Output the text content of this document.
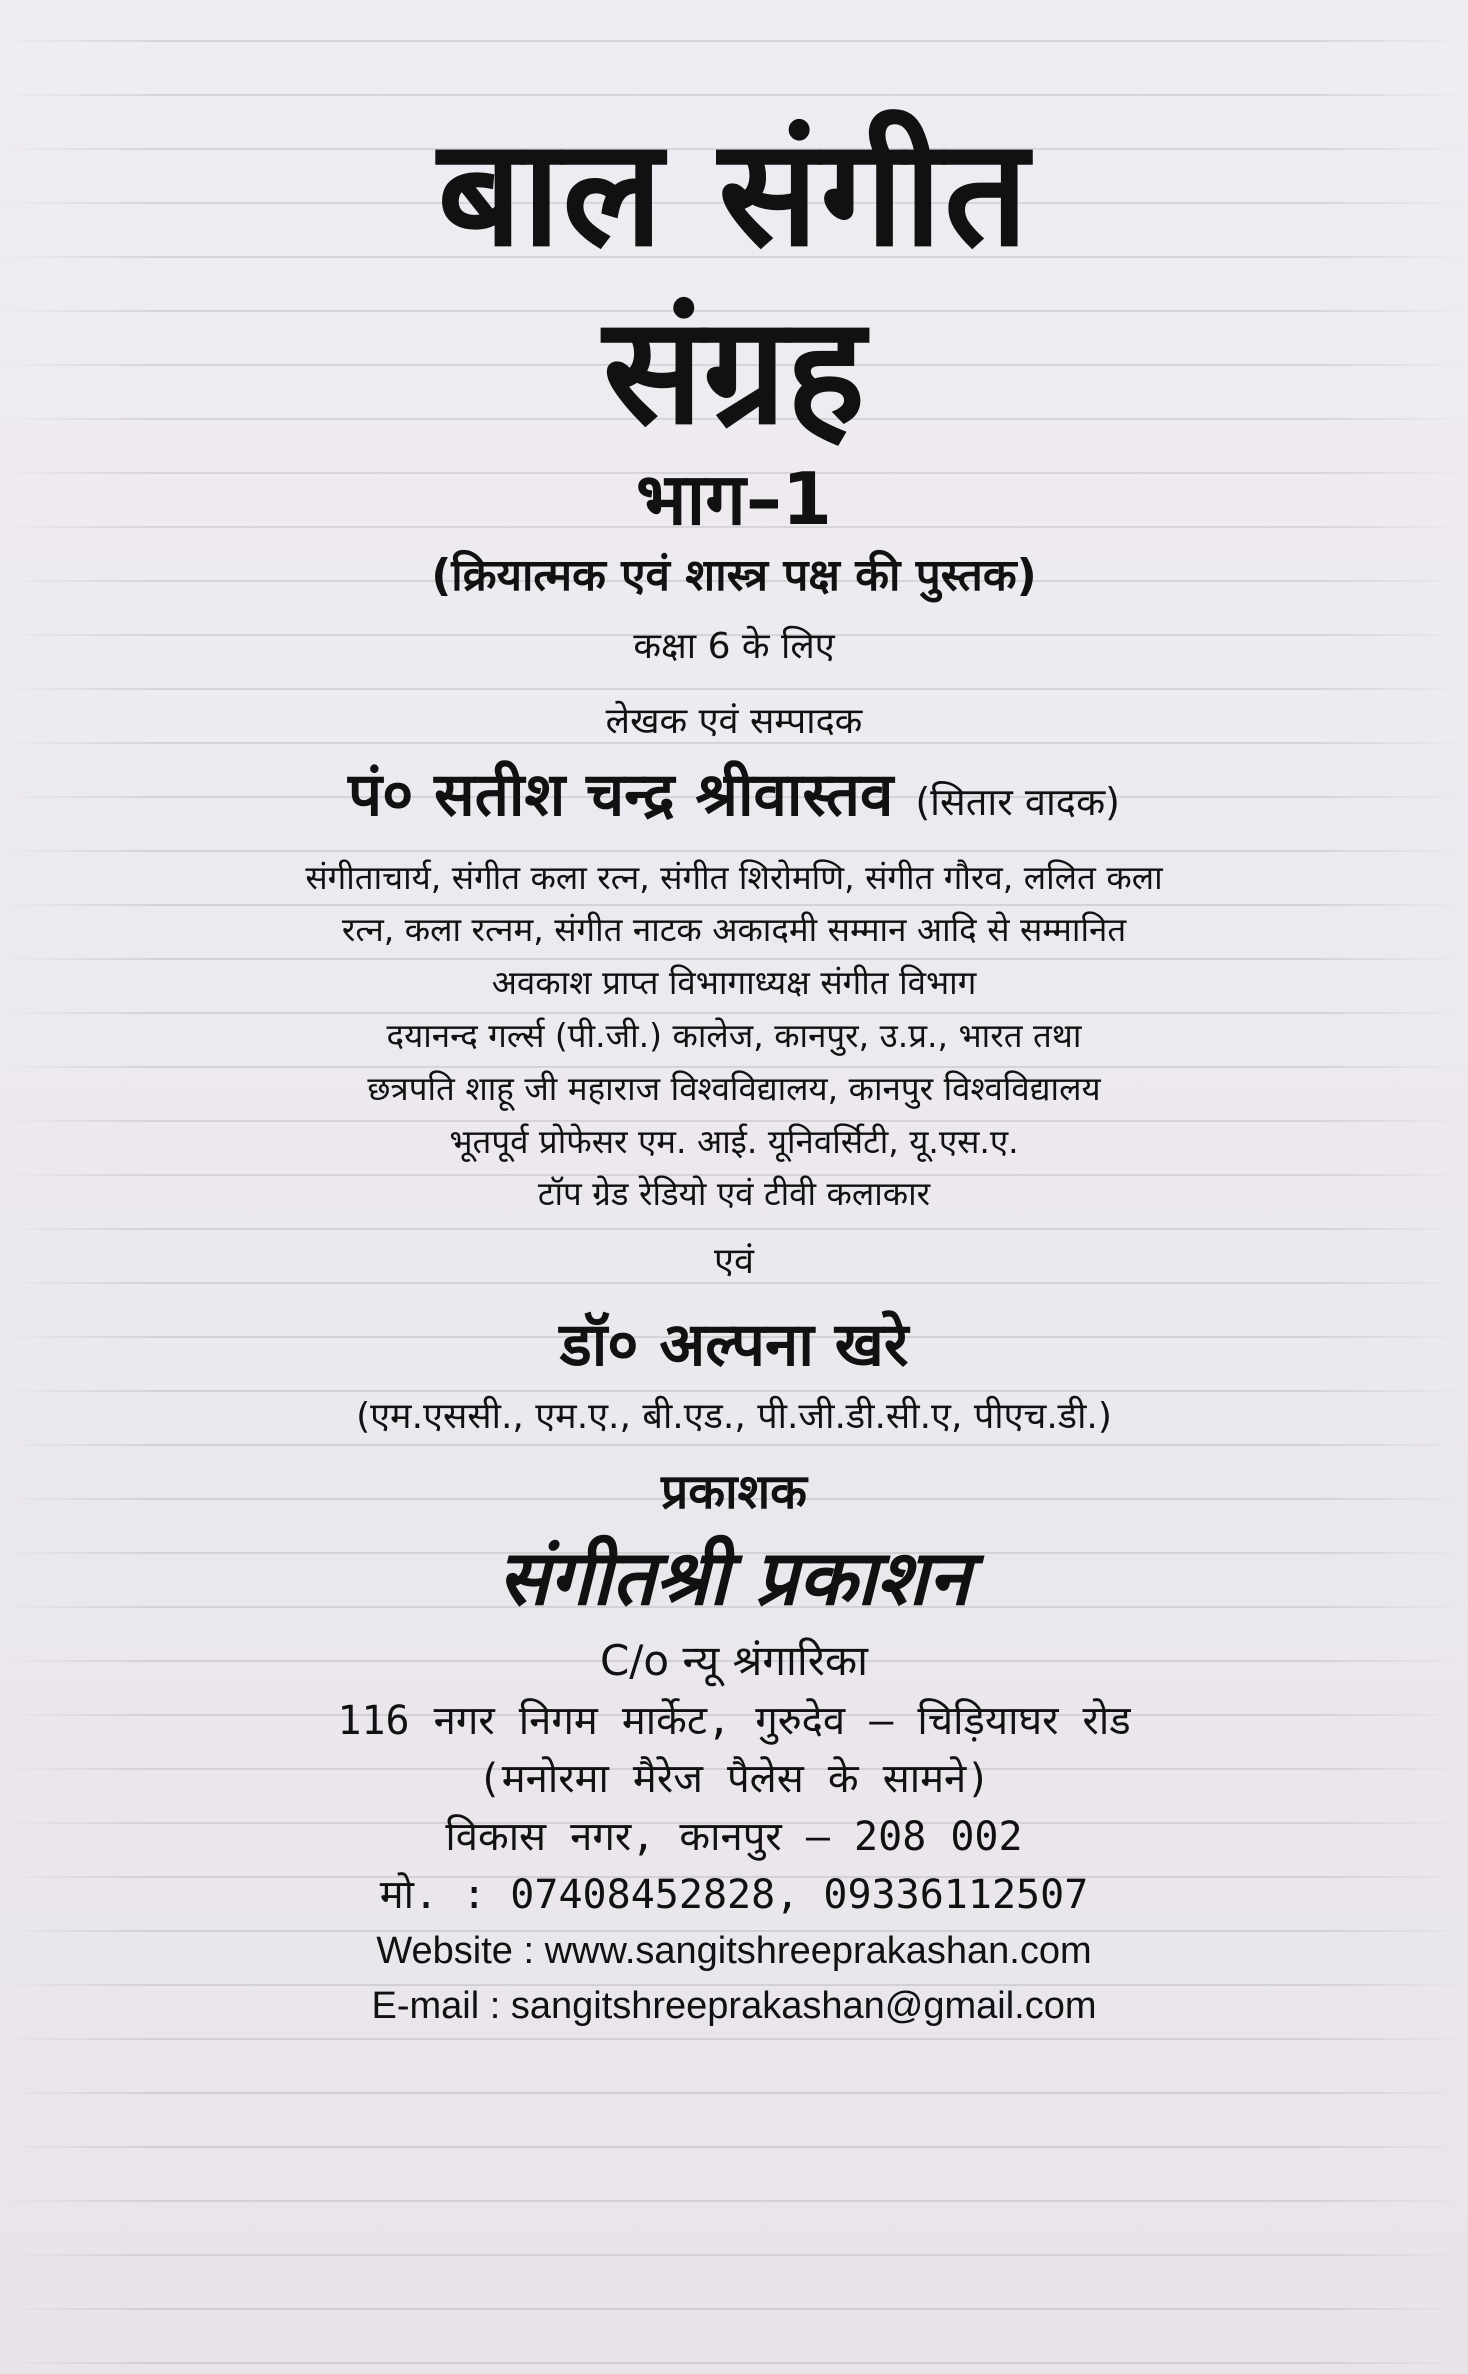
बाल संगीत
संग्रह
भाग–1
(क्रियात्मक एवं शास्त्र पक्ष की पुस्तक)
कक्षा 6 के लिए
लेखक एवं सम्पादक
पं० सतीश चन्द्र श्रीवास्तव (सितार वादक)
संगीताचार्य, संगीत कला रत्न, संगीत शिरोमणि, संगीत गौरव, ललित कला
रत्न, कला रत्नम, संगीत नाटक अकादमी सम्मान आदि से सम्मानित
अवकाश प्राप्त विभागाध्यक्ष संगीत विभाग
दयानन्द गर्ल्स (पी.जी.) कालेज, कानपुर, उ.प्र., भारत तथा
छत्रपति शाहू जी महाराज विश्वविद्यालय, कानपुर विश्वविद्यालय
भूतपूर्व प्रोफेसर एम. आई. यूनिवर्सिटी, यू.एस.ए.
टॉप ग्रेड रेडियो एवं टीवी कलाकार
एवं
डॉ० अल्पना खरे
(एम.एससी., एम.ए., बी.एड., पी.जी.डी.सी.ए, पीएच.डी.)
प्रकाशक
संगीतश्री प्रकाशन
C/o न्यू श्रंगारिका
116 नगर निगम मार्केट, गुरुदेव – चिड़ियाघर रोड
(मनोरमा मैरेज पैलेस के सामने)
विकास नगर, कानपुर – 208 002
मो. : 07408452828, 09336112507
Website : www.sangitshreeprakashan.com
E-mail : sangitshreeprakashan@gmail.com
